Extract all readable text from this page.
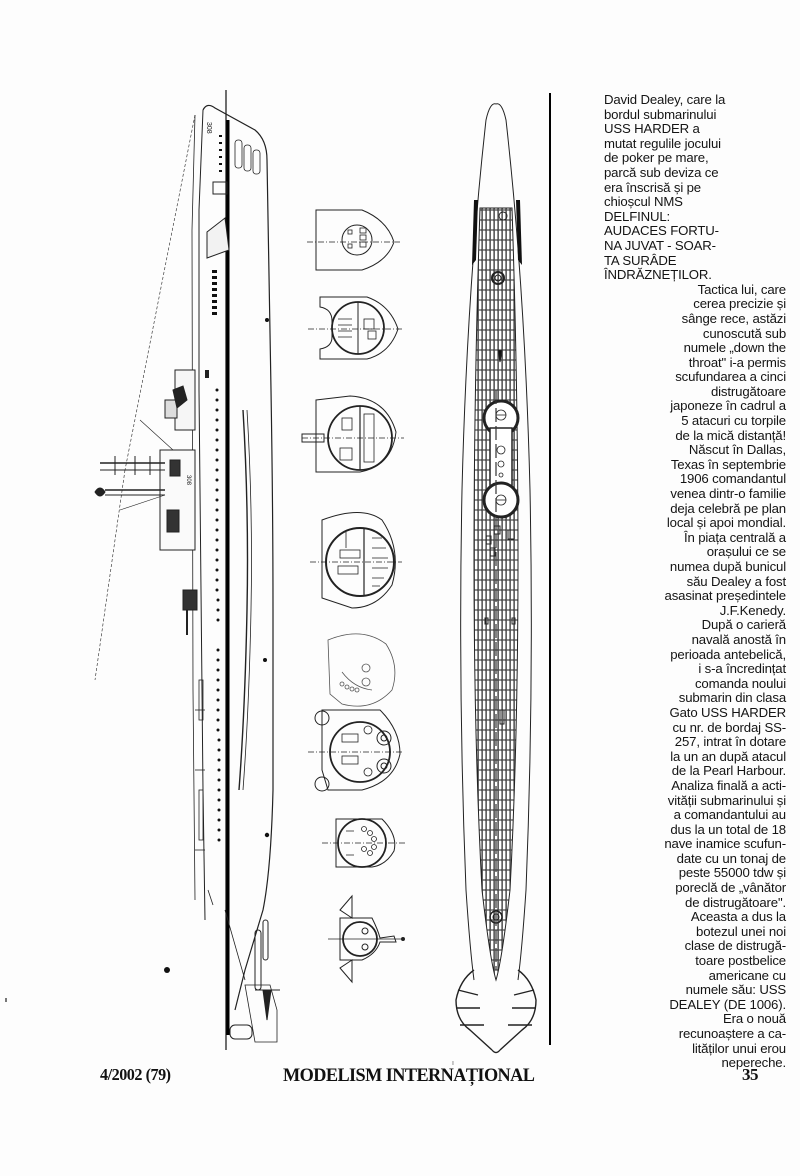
308
308
ı

David Dealey, care la
bordul submarinului
USS HARDER a
mutat regulile jocului
de poker pe mare,
parcă sub deviza ce
era înscrisă și pe
chioșcul NMS
DELFINUL:

AUDACES FORTU-
NA JUVAT - SOAR-
TA SURÂDE
ÎNDRĂZNEȚILOR.

Tactica lui, care
cerea precizie și
sânge rece, astăzi
cunoscută sub
numele „down the
throat" i-a permis
scufundarea a cinci
distrugătoare
japoneze în cadrul a
5 atacuri cu torpile
de la mică distanță!
Născut în Dallas,
Texas în septembrie
1906 comandantul
venea dintr-o familie
deja celebră pe plan
local și apoi mondial.
În piața centrală a
orașului ce se
numea după bunicul
său Dealey a fost
asasinat președintele
J.F.Kenedy.
După o carieră
navală anostă în
perioada antebelică,
i s-a încredințat
comanda noului
submarin din clasa
Gato USS HARDER
cu nr. de bordaj SS-
257, intrat în dotare
la un an după atacul
de la Pearl Harbour.
Analiza finală a acti-
vității submarinului și
a comandantului au
dus la un total de 18
nave inamice scufun-
date cu un tonaj de
peste 55000 tdw și
poreclă de „vânător
de distrugătoare".
Aceasta a dus la
botezul unei noi
clase de distrugă-
toare postbelice
americane cu
numele său: USS
DEALEY (DE 1006).
Era o nouă
recunoaștere a ca-
lităților unui erou
nepereche.

4/2002 (79)	MODELISM INTERNAȚIONAL	35
